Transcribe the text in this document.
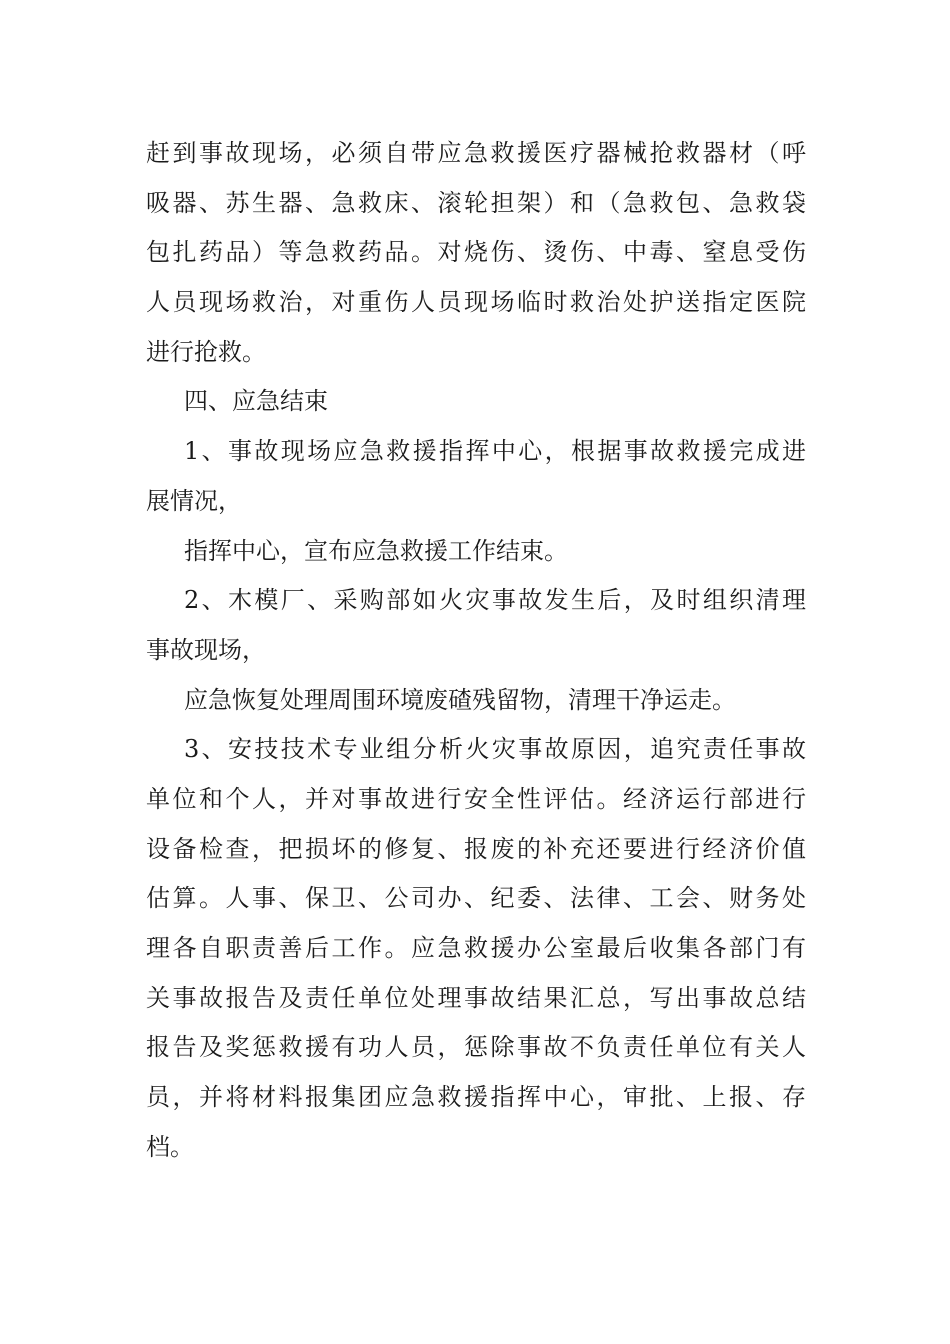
赶到事故现场，必须自带应急救援医疗器械抢救器材（呼
吸器、苏生器、急救床、滚轮担架）和（急救包、急救袋
包扎药品）等急救药品。对烧伤、烫伤、中毒、窒息受伤
人员现场救治，对重伤人员现场临时救治处护送指定医院
进行抢救。
四、应急结束
1、事故现场应急救援指挥中心，根据事故救援完成进
展情况，
指挥中心，宣布应急救援工作结束。
2、木模厂、采购部如火灾事故发生后，及时组织清理
事故现场，
应急恢复处理周围环境废碴残留物，清理干净运走。
3、安技技术专业组分析火灾事故原因，追究责任事故
单位和个人，并对事故进行安全性评估。经济运行部进行
设备检查，把损坏的修复、报废的补充还要进行经济价值
估算。人事、保卫、公司办、纪委、法律、工会、财务处
理各自职责善后工作。应急救援办公室最后收集各部门有
关事故报告及责任单位处理事故结果汇总，写出事故总结
报告及奖惩救援有功人员，惩除事故不负责任单位有关人
员，并将材料报集团应急救援指挥中心，审批、上报、存
档。
